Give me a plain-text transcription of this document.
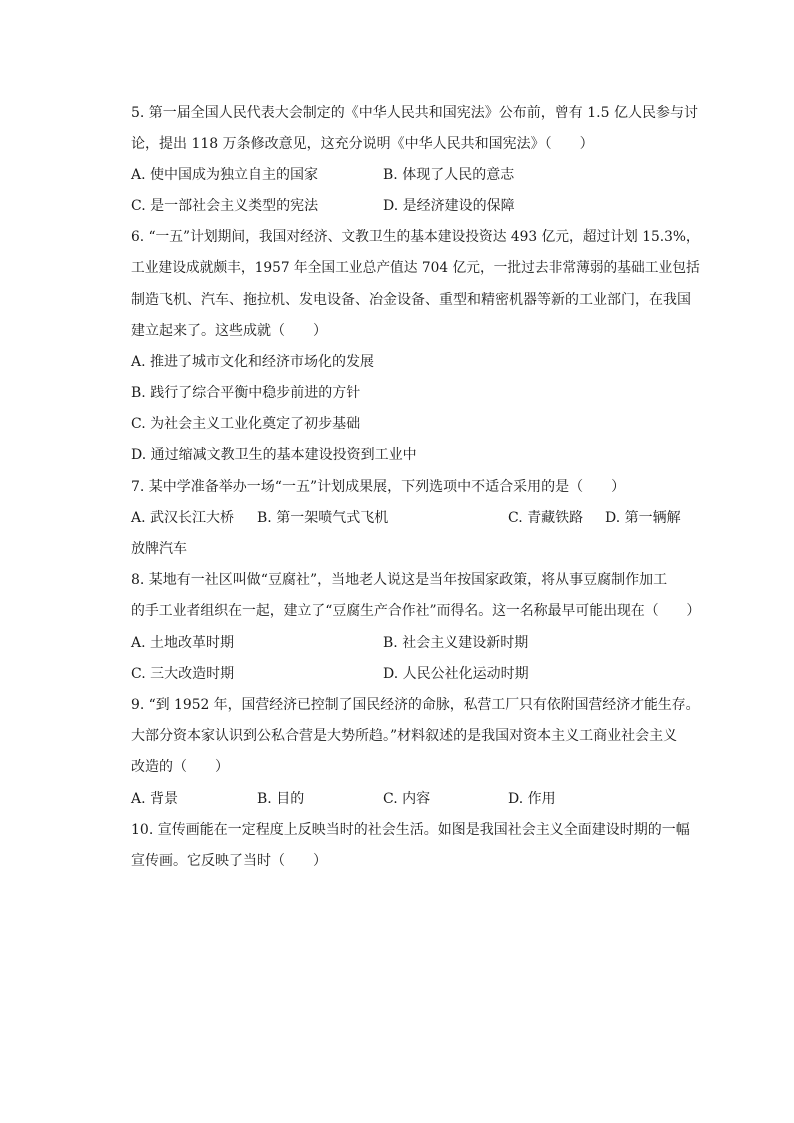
5. 第一届全国人民代表大会制定的《中华人民共和国宪法》公布前，曾有 1.5 亿人民参与讨
论，提出 118 万条修改意见，这充分说明《中华人民共和国宪法》（　　）
A. 使中国成为独立自主的国家	B. 体现了人民的意志
C. 是一部社会主义类型的宪法	D. 是经济建设的保障
6. “一五”计划期间，我国对经济、文教卫生的基本建设投资达 493 亿元，超过计划 15.3%，
工业建设成就颇丰，1957 年全国工业总产值达 704 亿元，一批过去非常薄弱的基础工业包括
制造飞机、汽车、拖拉机、发电设备、冶金设备、重型和精密机器等新的工业部门，在我国
建立起来了。这些成就（　　）
A. 推进了城市文化和经济市场化的发展
B. 践行了综合平衡中稳步前进的方针
C. 为社会主义工业化奠定了初步基础
D. 通过缩减文教卫生的基本建设投资到工业中
7. 某中学准备举办一场“一五”计划成果展，下列选项中不适合采用的是（　　）
A. 武汉长江大桥 B. 第一架喷气式飞机	C. 青藏铁路 D. 第一辆解
放牌汽车
8. 某地有一社区叫做“豆腐社”，当地老人说这是当年按国家政策，将从事豆腐制作加工
的手工业者组织在一起，建立了“豆腐生产合作社”而得名。这一名称最早可能出现在（　　）
A. 土地改革时期	B. 社会主义建设新时期
C. 三大改造时期	D. 人民公社化运动时期
9. “到 1952 年，国营经济已控制了国民经济的命脉，私营工厂只有依附国营经济才能生存。
大部分资本家认识到公私合营是大势所趋。”材料叙述的是我国对资本主义工商业社会主义
改造的（　　）
A. 背景	B. 目的	C. 内容	D. 作用
10. 宣传画能在一定程度上反映当时的社会生活。如图是我国社会主义全面建设时期的一幅
宣传画。它反映了当时（　　）
